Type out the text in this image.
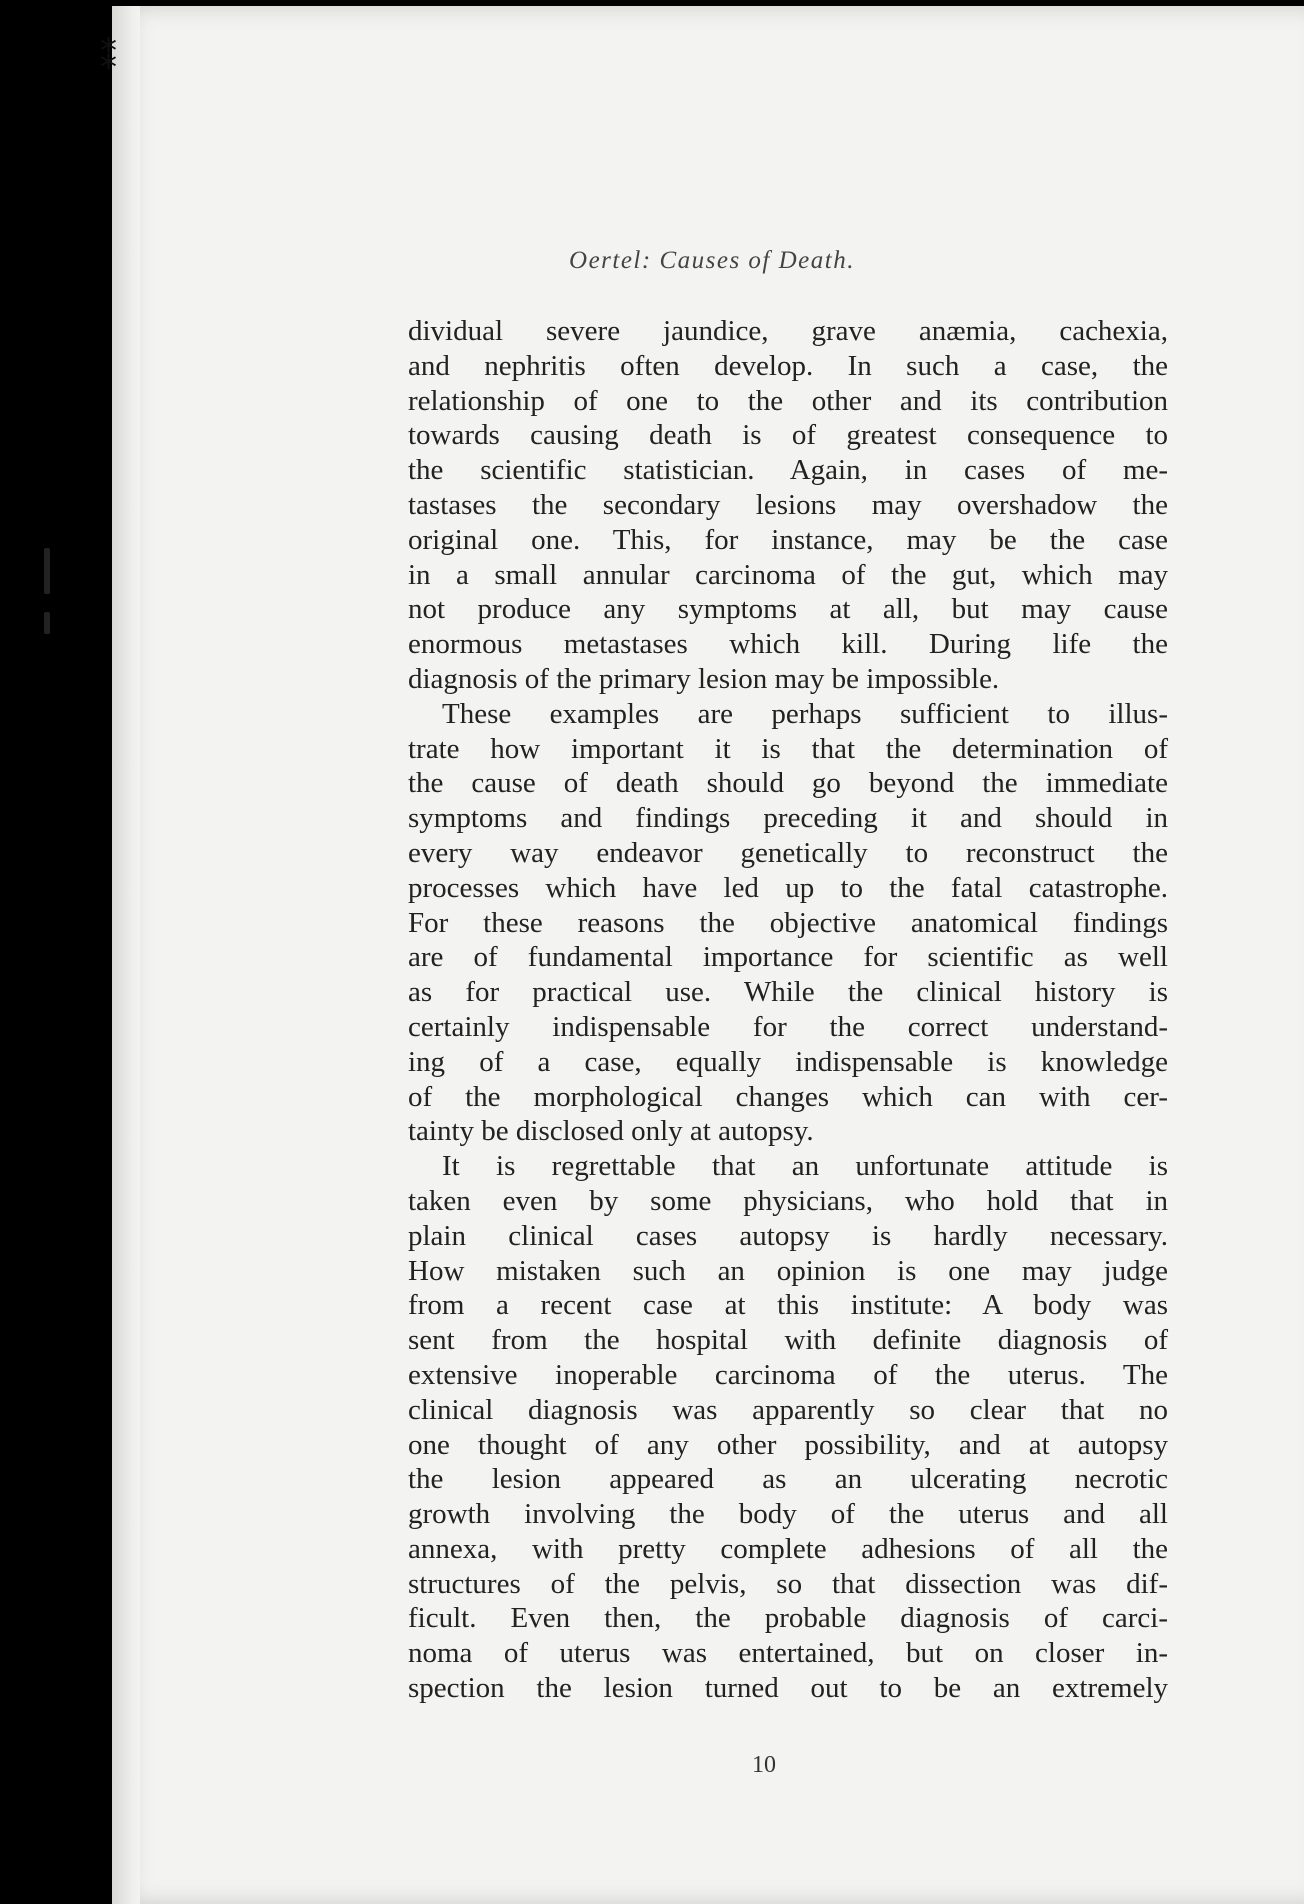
⁑
Oertel: Causes of Death.
dividual severe jaundice, grave anæmia, cachexia,
and nephritis often develop. In such a case, the
relationship of one to the other and its contribution
towards causing death is of greatest consequence to
the scientific statistician. Again, in cases of me-
tastases the secondary lesions may overshadow the
original one. This, for instance, may be the case
in a small annular carcinoma of the gut, which may
not produce any symptoms at all, but may cause
enormous metastases which kill. During life the
diagnosis of the primary lesion may be impossible.
These examples are perhaps sufficient to illus-
trate how important it is that the determination of
the cause of death should go beyond the immediate
symptoms and findings preceding it and should in
every way endeavor genetically to reconstruct the
processes which have led up to the fatal catastrophe.
For these reasons the objective anatomical findings
are of fundamental importance for scientific as well
as for practical use. While the clinical history is
certainly indispensable for the correct understand-
ing of a case, equally indispensable is knowledge
of the morphological changes which can with cer-
tainty be disclosed only at autopsy.
It is regrettable that an unfortunate attitude is
taken even by some physicians, who hold that in
plain clinical cases autopsy is hardly necessary.
How mistaken such an opinion is one may judge
from a recent case at this institute: A body was
sent from the hospital with definite diagnosis of
extensive inoperable carcinoma of the uterus. The
clinical diagnosis was apparently so clear that no
one thought of any other possibility, and at autopsy
the lesion appeared as an ulcerating necrotic
growth involving the body of the uterus and all
annexa, with pretty complete adhesions of all the
structures of the pelvis, so that dissection was dif-
ficult. Even then, the probable diagnosis of carci-
noma of uterus was entertained, but on closer in-
spection the lesion turned out to be an extremely
10
